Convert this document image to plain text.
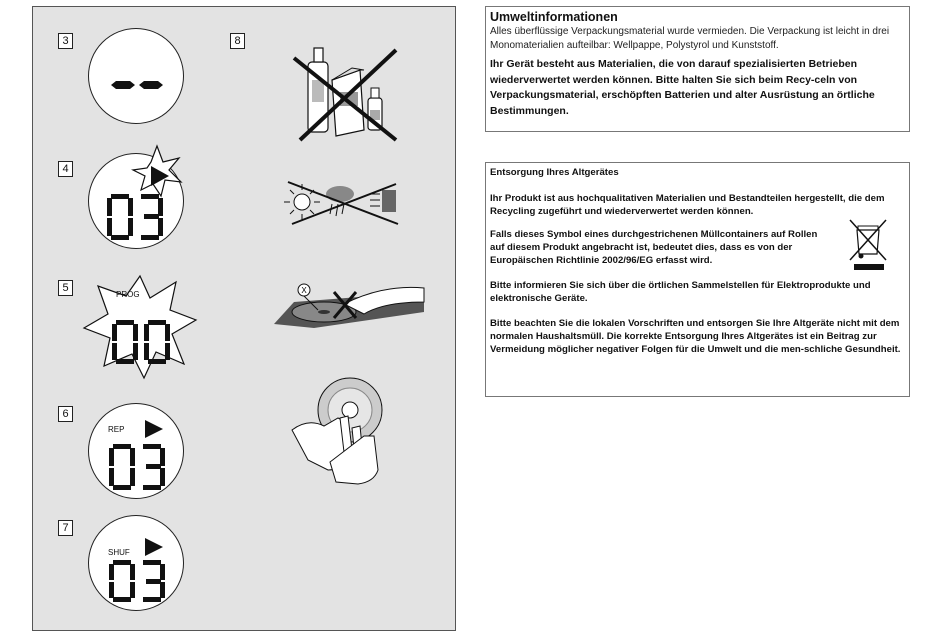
3
4
5
6
7
8
PROG
REP
SHUF
X
Umweltinformationen
Alles überflüssige Verpackungsmaterial wurde vermieden. Die Verpackung ist leicht in drei Monomaterialien aufteilbar: Wellpappe, Polystyrol und Kunststoff.
Ihr Gerät besteht aus Materialien, die von darauf spezialisierten Betrieben wiederverwertet werden können. Bitte halten Sie sich beim Recy-celn von Verpackungsmaterial, erschöpften Batterien und alter Ausrüstung an örtliche Bestimmungen.
Entsorgung Ihres Altgerätes
Ihr Produkt ist aus hochqualitativen Materialien und Bestandteilen hergestellt, die dem Recycling zugeführt und wiederverwertet werden können.
Falls dieses Symbol eines durchgestrichenen Müllcontainers auf Rollen auf diesem Produkt angebracht ist, bedeutet dies, dass es von der Europäischen Richtlinie 2002/96/EG erfasst wird.
Bitte informieren Sie sich über die örtlichen Sammelstellen für Elektroprodukte und elektronische Geräte.
Bitte beachten Sie die lokalen Vorschriften und entsorgen Sie Ihre Altgeräte nicht mit dem normalen Haushaltsmüll. Die korrekte Entsorgung Ihres Altgerätes ist ein Beitrag zur Vermeidung möglicher negativer Folgen für die Umwelt und die men-schliche Gesundheit.
